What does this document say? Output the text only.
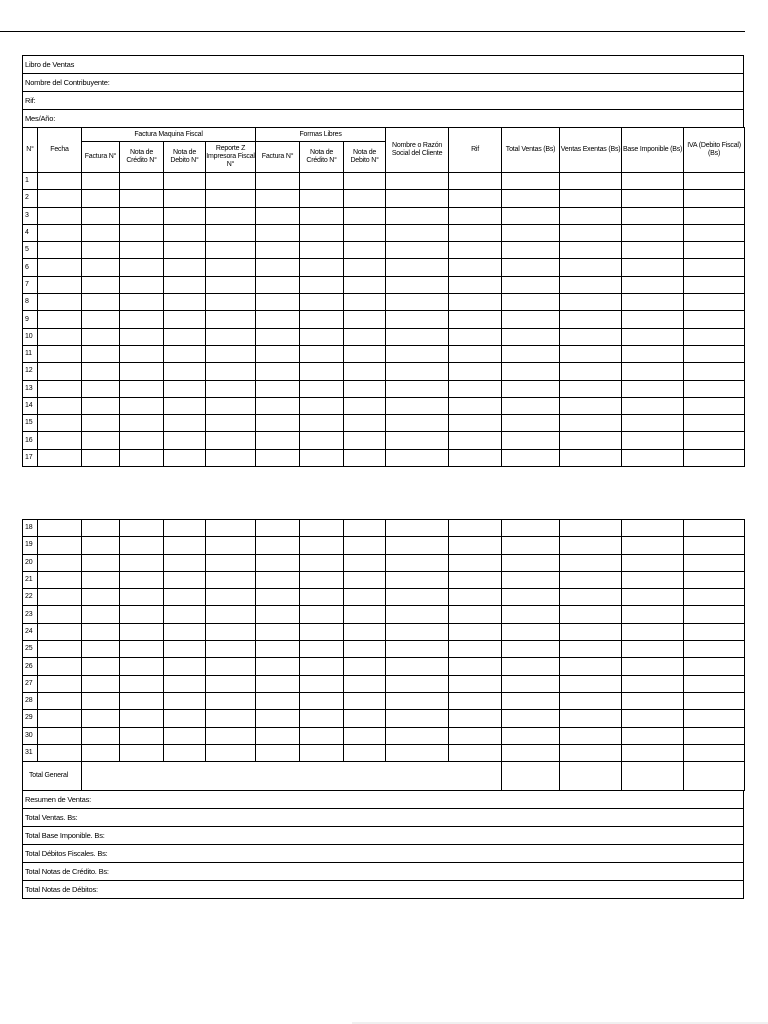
Libro de Ventas
Nombre del Contribuyente:
Rif:
Mes/Año:
N°	Fecha	Factura Maquina Fiscal				Formas Libres			Nombre o Razón Social del Cliente	Rif	Total Ventas (Bs)	Ventas Exentas (Bs)	Base Imponible (Bs)	IVA (Debito Fiscal) (Bs)
		Factura N°	Nota de Crédito N°	Nota de Debito N°	Reporte Z Impresora Fiscal N°	Factura N°	Nota de Crédito N°	Nota de Debito N°						
1														
2														
3														
4														
5														
6														
7														
8														
9														
10														
11														
12														
13														
14														
15														
16														
17														
18														
19														
20														
21														
22														
23														
24														
25														
26														
27														
28														
29														
30														
31														
Total General														
Resumen de Ventas:
Total Ventas. Bs:
Total Base Imponible. Bs:
Total Débitos Fiscales. Bs:
Total Notas de Crédito. Bs:
Total Notas de Débitos:
